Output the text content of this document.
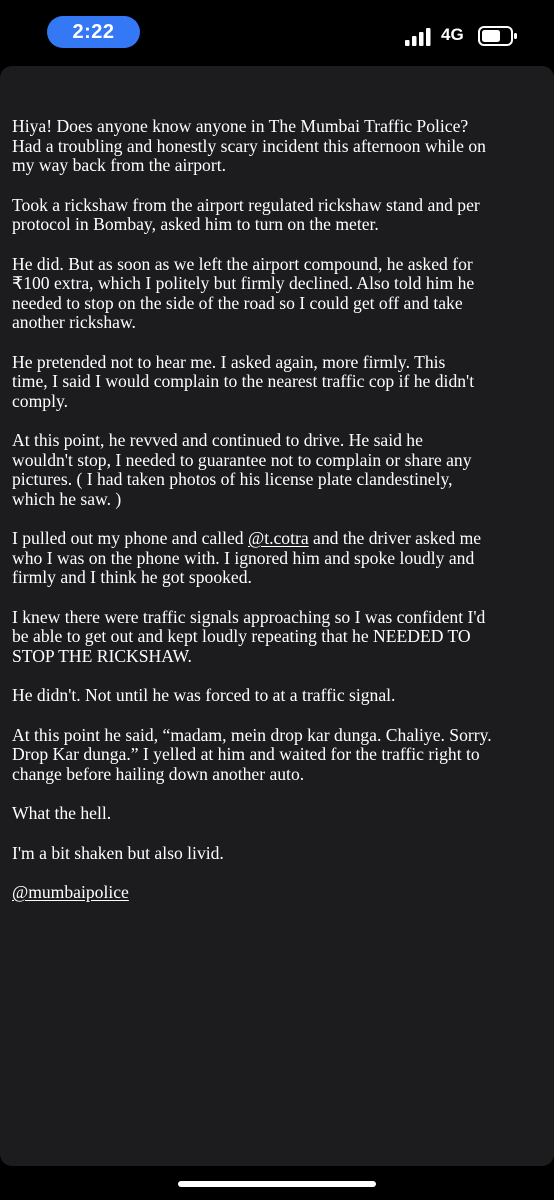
2:22	4G

Hiya! Does anyone know anyone in The Mumbai Traffic Police?
Had a troubling and honestly scary incident this afternoon while on
my way back from the airport.

Took a rickshaw from the airport regulated rickshaw stand and per
protocol in Bombay, asked him to turn on the meter.

He did. But as soon as we left the airport compound, he asked for
₹100 extra, which I politely but firmly declined. Also told him he
needed to stop on the side of the road so I could get off and take
another rickshaw.

He pretended not to hear me. I asked again, more firmly. This
time, I said I would complain to the nearest traffic cop if he didn't
comply.

At this point, he revved and continued to drive. He said he
wouldn't stop, I needed to guarantee not to complain or share any
pictures. ( I had taken photos of his license plate clandestinely,
which he saw. )

I pulled out my phone and called @t.cotra and the driver asked me
who I was on the phone with. I ignored him and spoke loudly and
firmly and I think he got spooked.

I knew there were traffic signals approaching so I was confident I'd
be able to get out and kept loudly repeating that he NEEDED TO
STOP THE RICKSHAW.

He didn't. Not until he was forced to at a traffic signal.

At this point he said, “madam, mein drop kar dunga. Chaliye. Sorry.
Drop Kar dunga.” I yelled at him and waited for the traffic right to
change before hailing down another auto.

What the hell.

I'm a bit shaken but also livid.

@mumbaipolice
